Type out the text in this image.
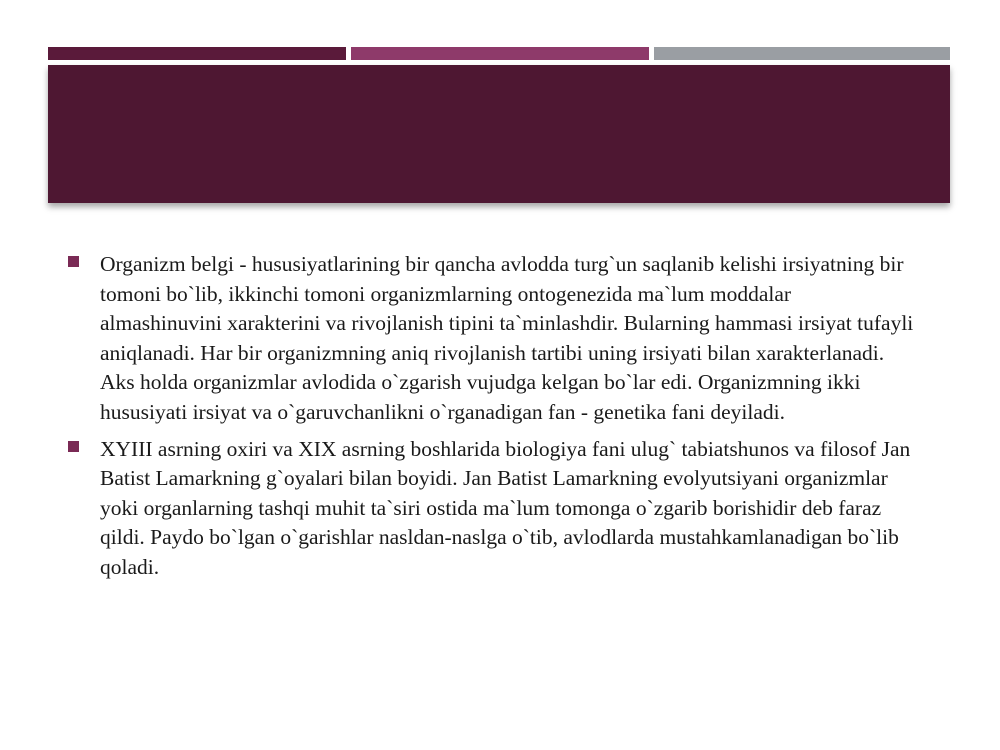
Organizm belgi - hususiyatlarining bir qancha avlodda turg`un saqlanib kelishi irsiyatning bir tomoni bo`lib, ikkinchi tomoni organizmlarning ontogenezida ma`lum moddalar almashinuvini xarakterini va rivojlanish tipini ta`minlashdir. Bularning hammasi irsiyat tufayli aniqlanadi. Har bir organizmning aniq rivojlanish tartibi uning irsiyati bilan xarakterlanadi. Aks holda organizmlar avlodida o`zgarish vujudga kelgan bo`lar edi. Organizmning ikki hususiyati irsiyat va o`garuvchanlikni o`rganadigan fan - genetika fani deyiladi.
XYIII asrning oxiri va XIX asrning boshlarida biologiya fani ulug` tabiatshunos va filosof Jan Batist Lamarkning g`oyalari bilan boyidi. Jan Batist Lamarkning evolyutsiyani organizmlar yoki organlarning tashqi muhit ta`siri ostida ma`lum tomonga o`zgarib borishidir deb faraz qildi. Paydo bo`lgan o`garishlar nasldan-naslga o`tib, avlodlarda mustahkamlanadigan bo`lib qoladi.
